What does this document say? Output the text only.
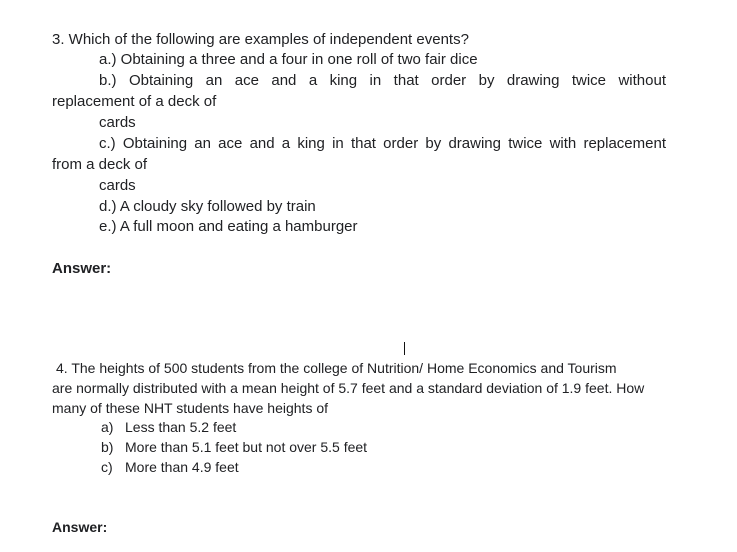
3. Which of the following are examples of independent events?
a.) Obtaining a three and a four in one roll of two fair dice
b.) Obtaining an ace and a king in that order by drawing twice without
replacement of a deck of
cards
c.) Obtaining an ace and a king in that order by drawing twice with replacement
from a deck of
cards
d.) A cloudy sky followed by train
e.) A full moon and eating a hamburger
Answer:
4. The heights of 500 students from the college of Nutrition/ Home Economics and Tourism
are normally distributed with a mean height of 5.7 feet and a standard deviation of 1.9 feet. How
many of these NHT students have heights of
a) Less than 5.2 feet
b) More than 5.1 feet but not over 5.5 feet
c) More than 4.9 feet
Answer:
